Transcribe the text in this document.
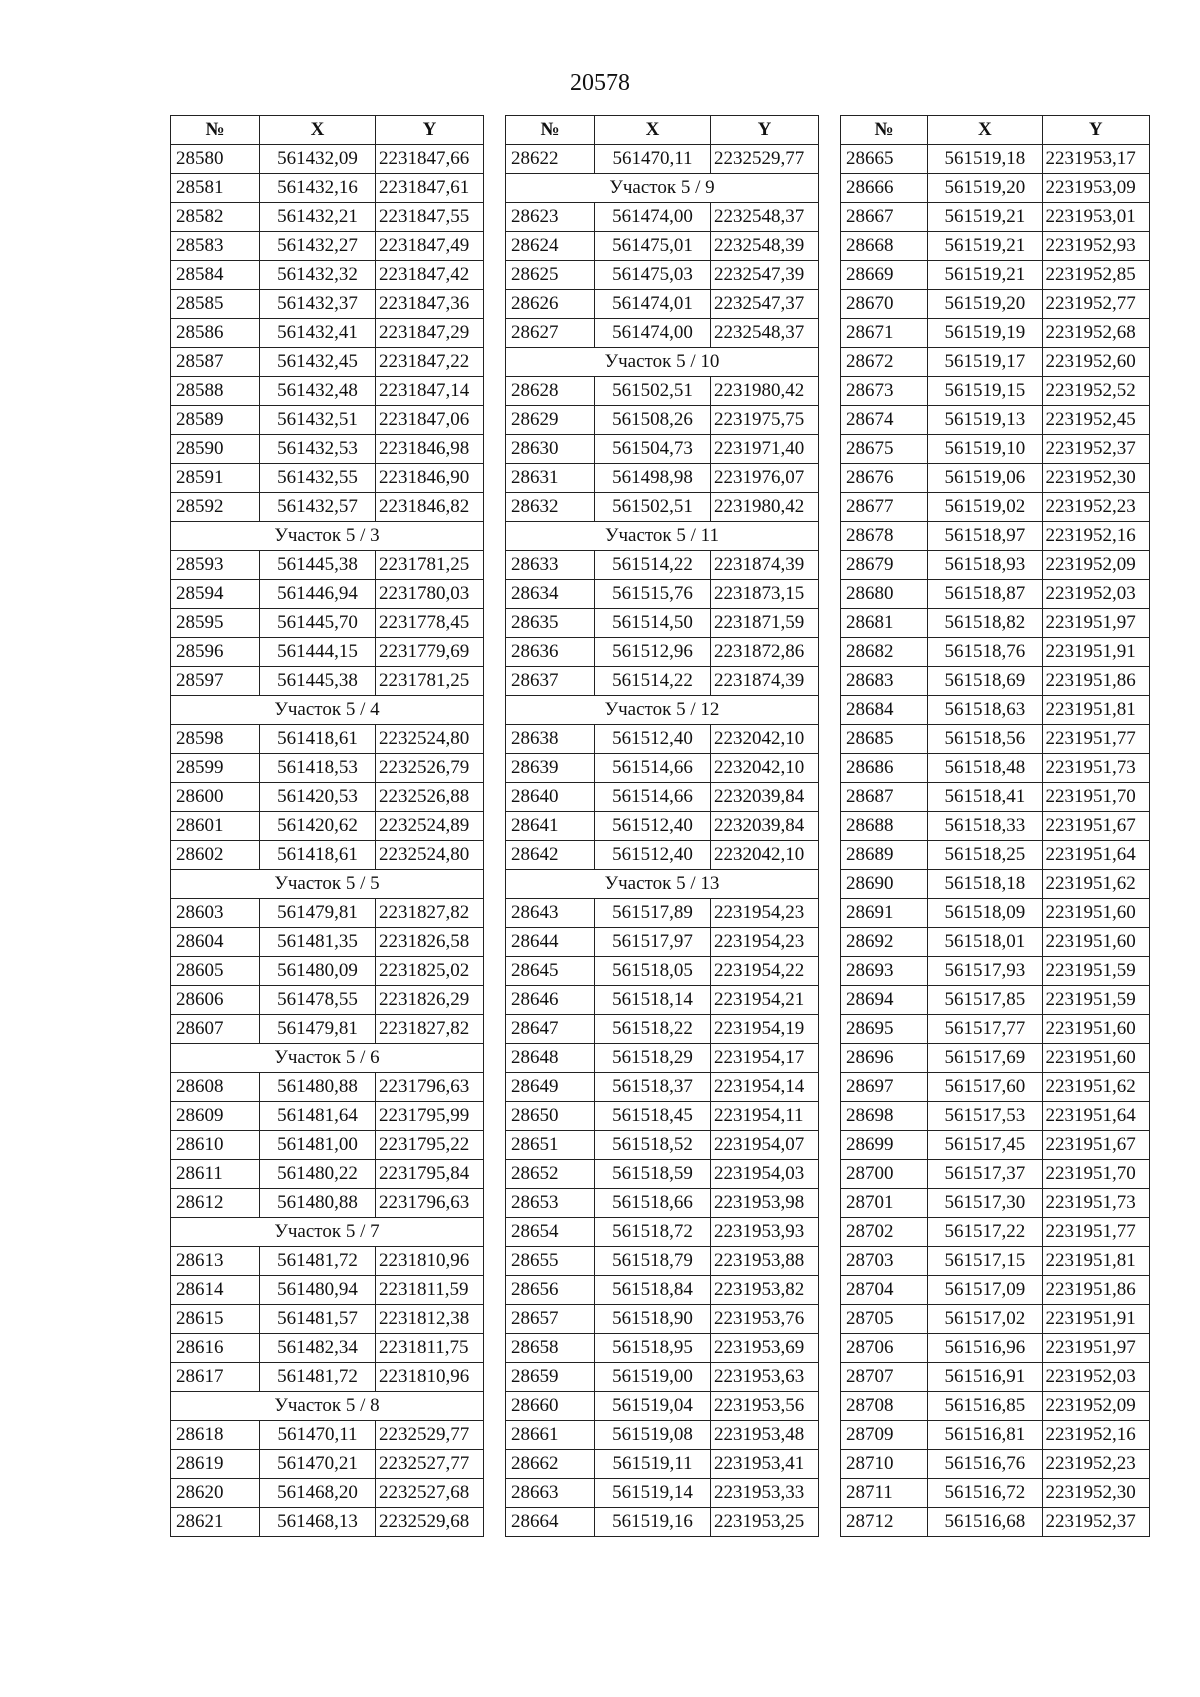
20578
№	X	Y
28580	561432,09	2231847,66
28581	561432,16	2231847,61
28582	561432,21	2231847,55
28583	561432,27	2231847,49
28584	561432,32	2231847,42
28585	561432,37	2231847,36
28586	561432,41	2231847,29
28587	561432,45	2231847,22
28588	561432,48	2231847,14
28589	561432,51	2231847,06
28590	561432,53	2231846,98
28591	561432,55	2231846,90
28592	561432,57	2231846,82
Участок 5 / 3		
28593	561445,38	2231781,25
28594	561446,94	2231780,03
28595	561445,70	2231778,45
28596	561444,15	2231779,69
28597	561445,38	2231781,25
Участок 5 / 4		
28598	561418,61	2232524,80
28599	561418,53	2232526,79
28600	561420,53	2232526,88
28601	561420,62	2232524,89
28602	561418,61	2232524,80
Участок 5 / 5		
28603	561479,81	2231827,82
28604	561481,35	2231826,58
28605	561480,09	2231825,02
28606	561478,55	2231826,29
28607	561479,81	2231827,82
Участок 5 / 6		
28608	561480,88	2231796,63
28609	561481,64	2231795,99
28610	561481,00	2231795,22
28611	561480,22	2231795,84
28612	561480,88	2231796,63
Участок 5 / 7		
28613	561481,72	2231810,96
28614	561480,94	2231811,59
28615	561481,57	2231812,38
28616	561482,34	2231811,75
28617	561481,72	2231810,96
Участок 5 / 8		
28618	561470,11	2232529,77
28619	561470,21	2232527,77
28620	561468,20	2232527,68
28621	561468,13	2232529,68
№	X	Y
28622	561470,11	2232529,77
Участок 5 / 9		
28623	561474,00	2232548,37
28624	561475,01	2232548,39
28625	561475,03	2232547,39
28626	561474,01	2232547,37
28627	561474,00	2232548,37
Участок 5 / 10		
28628	561502,51	2231980,42
28629	561508,26	2231975,75
28630	561504,73	2231971,40
28631	561498,98	2231976,07
28632	561502,51	2231980,42
Участок 5 / 11		
28633	561514,22	2231874,39
28634	561515,76	2231873,15
28635	561514,50	2231871,59
28636	561512,96	2231872,86
28637	561514,22	2231874,39
Участок 5 / 12		
28638	561512,40	2232042,10
28639	561514,66	2232042,10
28640	561514,66	2232039,84
28641	561512,40	2232039,84
28642	561512,40	2232042,10
Участок 5 / 13		
28643	561517,89	2231954,23
28644	561517,97	2231954,23
28645	561518,05	2231954,22
28646	561518,14	2231954,21
28647	561518,22	2231954,19
28648	561518,29	2231954,17
28649	561518,37	2231954,14
28650	561518,45	2231954,11
28651	561518,52	2231954,07
28652	561518,59	2231954,03
28653	561518,66	2231953,98
28654	561518,72	2231953,93
28655	561518,79	2231953,88
28656	561518,84	2231953,82
28657	561518,90	2231953,76
28658	561518,95	2231953,69
28659	561519,00	2231953,63
28660	561519,04	2231953,56
28661	561519,08	2231953,48
28662	561519,11	2231953,41
28663	561519,14	2231953,33
28664	561519,16	2231953,25
№	X	Y
28665	561519,18	2231953,17
28666	561519,20	2231953,09
28667	561519,21	2231953,01
28668	561519,21	2231952,93
28669	561519,21	2231952,85
28670	561519,20	2231952,77
28671	561519,19	2231952,68
28672	561519,17	2231952,60
28673	561519,15	2231952,52
28674	561519,13	2231952,45
28675	561519,10	2231952,37
28676	561519,06	2231952,30
28677	561519,02	2231952,23
28678	561518,97	2231952,16
28679	561518,93	2231952,09
28680	561518,87	2231952,03
28681	561518,82	2231951,97
28682	561518,76	2231951,91
28683	561518,69	2231951,86
28684	561518,63	2231951,81
28685	561518,56	2231951,77
28686	561518,48	2231951,73
28687	561518,41	2231951,70
28688	561518,33	2231951,67
28689	561518,25	2231951,64
28690	561518,18	2231951,62
28691	561518,09	2231951,60
28692	561518,01	2231951,60
28693	561517,93	2231951,59
28694	561517,85	2231951,59
28695	561517,77	2231951,60
28696	561517,69	2231951,60
28697	561517,60	2231951,62
28698	561517,53	2231951,64
28699	561517,45	2231951,67
28700	561517,37	2231951,70
28701	561517,30	2231951,73
28702	561517,22	2231951,77
28703	561517,15	2231951,81
28704	561517,09	2231951,86
28705	561517,02	2231951,91
28706	561516,96	2231951,97
28707	561516,91	2231952,03
28708	561516,85	2231952,09
28709	561516,81	2231952,16
28710	561516,76	2231952,23
28711	561516,72	2231952,30
28712	561516,68	2231952,37
